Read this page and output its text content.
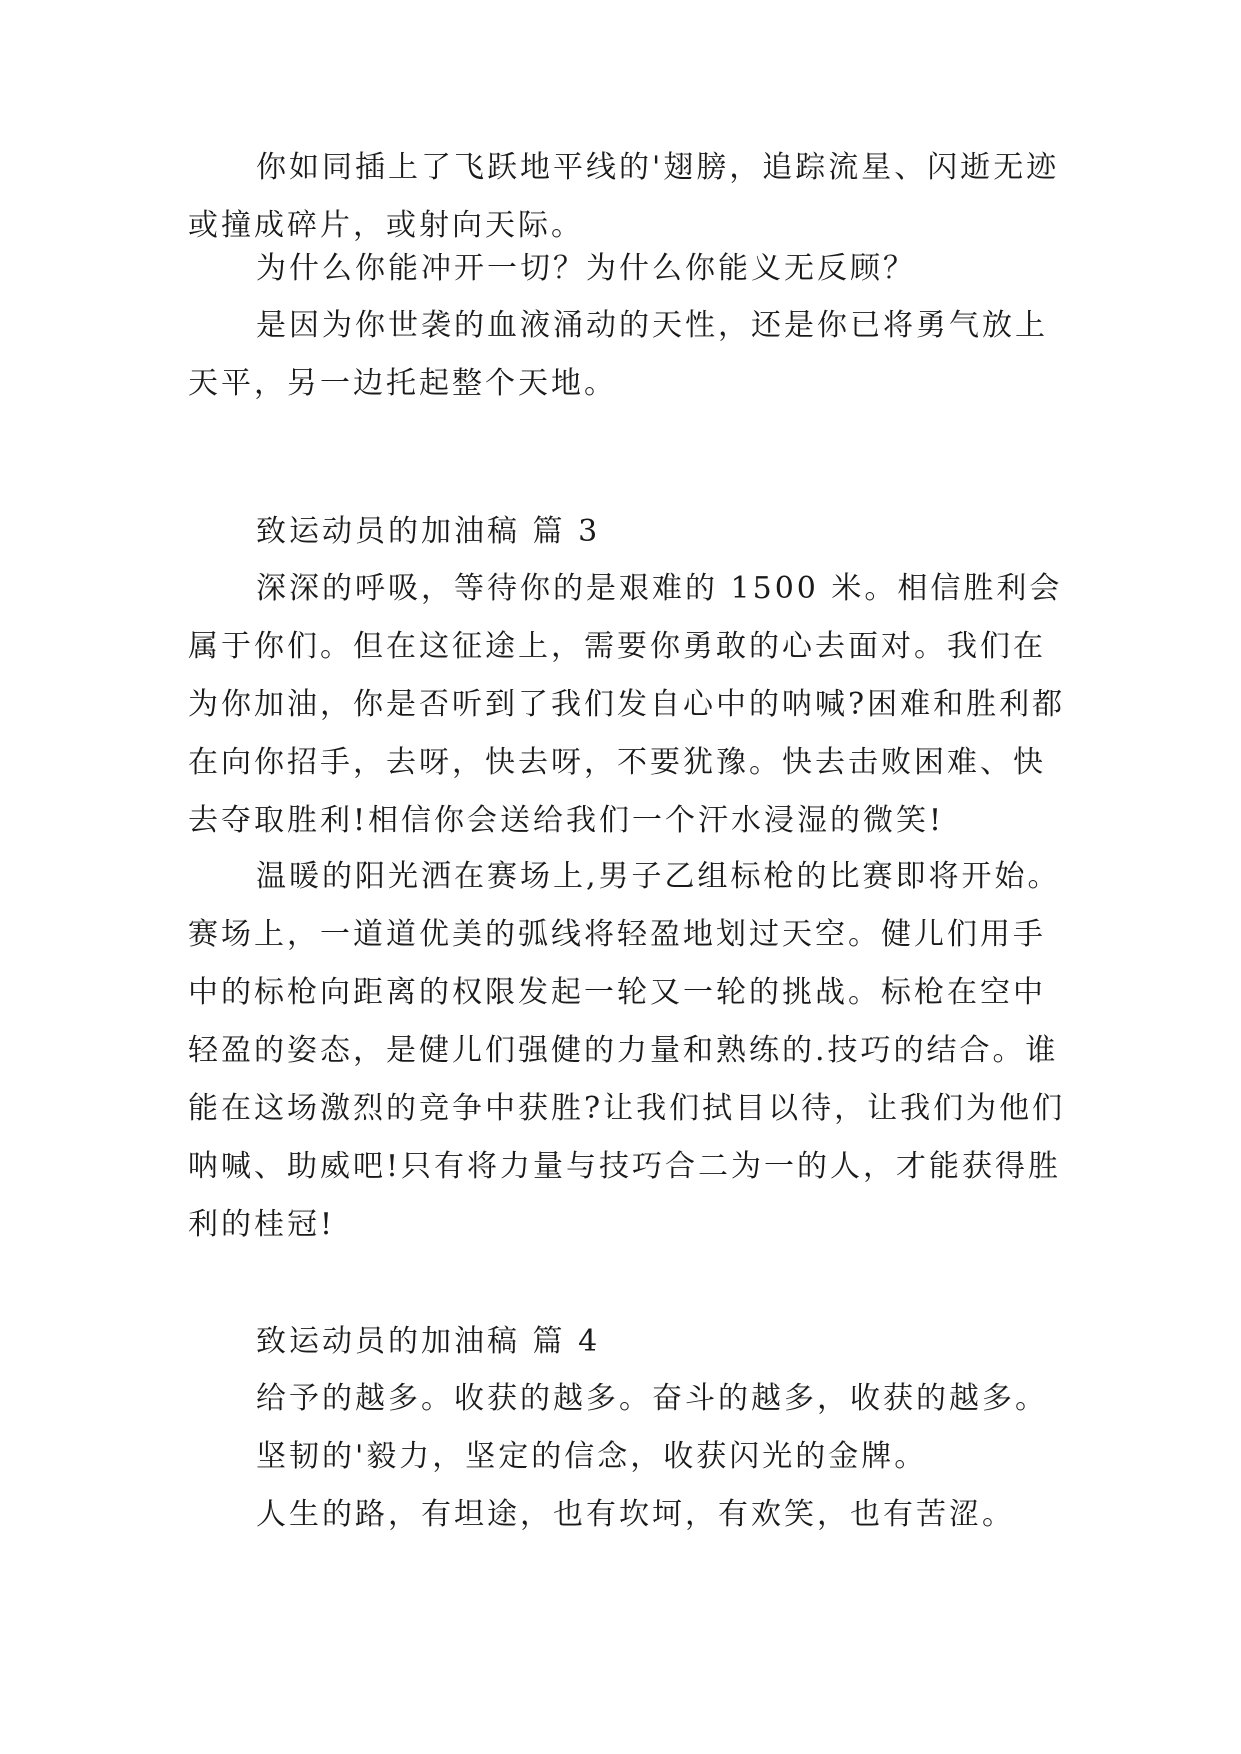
你如同插上了飞跃地平线的'翅膀，追踪流星、闪逝无迹或撞成碎片，或射向天际。

为什么你能冲开一切？为什么你能义无反顾？

是因为你世袭的血液涌动的天性，还是你已将勇气放上天平，另一边托起整个天地。

致运动员的加油稿 篇 3

深深的呼吸，等待你的是艰难的 1500 米。相信胜利会属于你们。但在这征途上，需要你勇敢的心去面对。我们在为你加油，你是否听到了我们发自心中的呐喊?困难和胜利都在向你招手，去呀，快去呀，不要犹豫。快去击败困难、快去夺取胜利!相信你会送给我们一个汗水浸湿的微笑!

温暖的阳光洒在赛场上,男子乙组标枪的比赛即将开始。赛场上，一道道优美的弧线将轻盈地划过天空。健儿们用手中的标枪向距离的权限发起一轮又一轮的挑战。标枪在空中轻盈的姿态，是健儿们强健的力量和熟练的.技巧的结合。谁能在这场激烈的竞争中获胜?让我们拭目以待，让我们为他们呐喊、助威吧!只有将力量与技巧合二为一的人，才能获得胜利的桂冠!

致运动员的加油稿 篇 4

给予的越多。收获的越多。奋斗的越多，收获的越多。

坚韧的'毅力，坚定的信念，收获闪光的金牌。

人生的路，有坦途，也有坎坷，有欢笑，也有苦涩。
